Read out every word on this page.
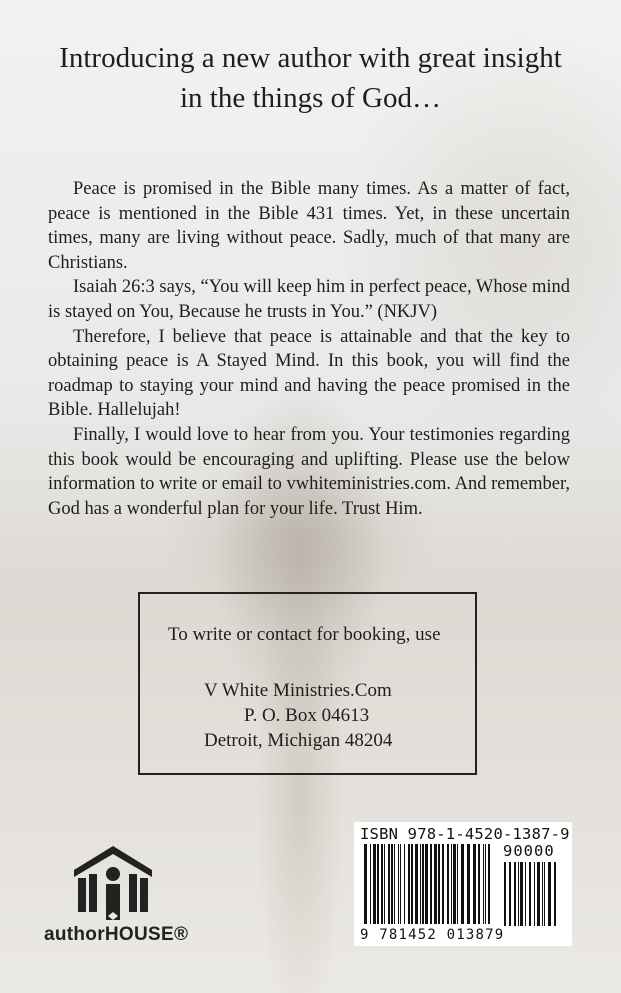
Introducing a new author with great insight
in the things of God…

Peace is promised in the Bible many times. As a matter of fact, peace is mentioned in the Bible 431 times. Yet, in these uncertain times, many are living without peace. Sadly, much of that many are Christians.

Isaiah 26:3 says, “You will keep him in perfect peace, Whose mind is stayed on You, Because he trusts in You.” (NKJV)

Therefore, I believe that peace is attainable and that the key to obtaining peace is A Stayed Mind. In this book, you will find the roadmap to staying your mind and having the peace promised in the Bible. Hallelujah!

Finally, I would love to hear from you. Your testimonies regarding this book would be encouraging and uplifting. Please use the below information to write or email to vwhiteministries.com. And remember, God has a wonderful plan for your life. Trust Him.

To write or contact for booking, use
V White Ministries.Com
P. O. Box 04613
Detroit, Michigan 48204
authorHOUSE®
ISBN 978-1-4520-1387-9
90000
9 781452 013879
